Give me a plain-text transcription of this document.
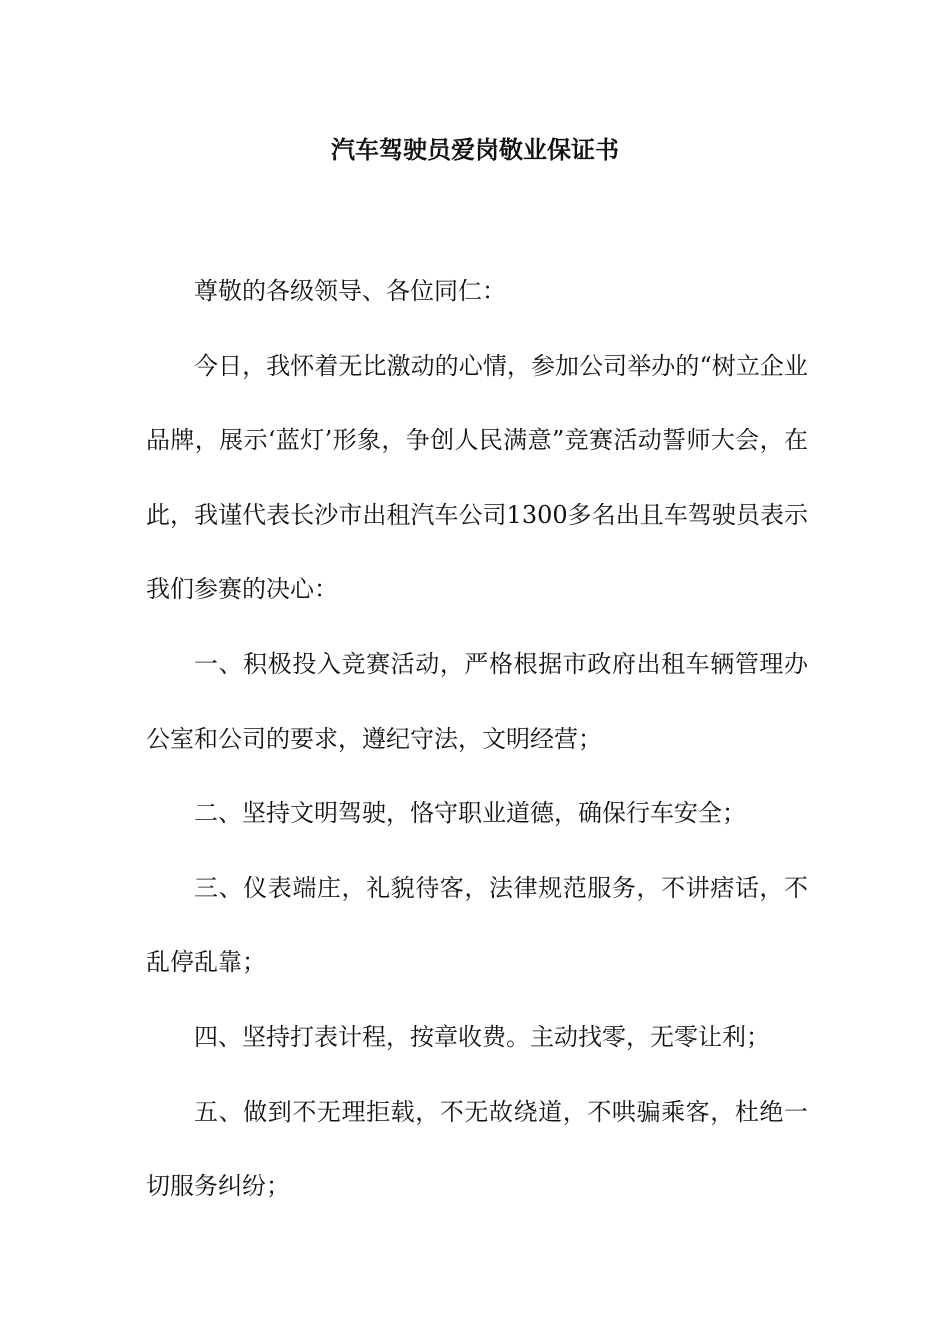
汽车驾驶员爱岗敬业保证书

尊敬的各级领导、各位同仁：

今日，我怀着无比激动的心情，参加公司举办的“树立企业品牌，展示‘蓝灯’形象，争创人民满意”竞赛活动誓师大会，在此，我谨代表长沙市出租汽车公司1300多名出且车驾驶员表示我们参赛的决心：

一、积极投入竞赛活动，严格根据市政府出租车辆管理办公室和公司的要求，遵纪守法，文明经营；

二、坚持文明驾驶，恪守职业道德，确保行车安全；

三、仪表端庄，礼貌待客，法律规范服务，不讲痞话，不乱停乱靠；

四、坚持打表计程，按章收费。主动找零，无零让利；

五、做到不无理拒载，不无故绕道，不哄骗乘客，杜绝一切服务纠纷；
